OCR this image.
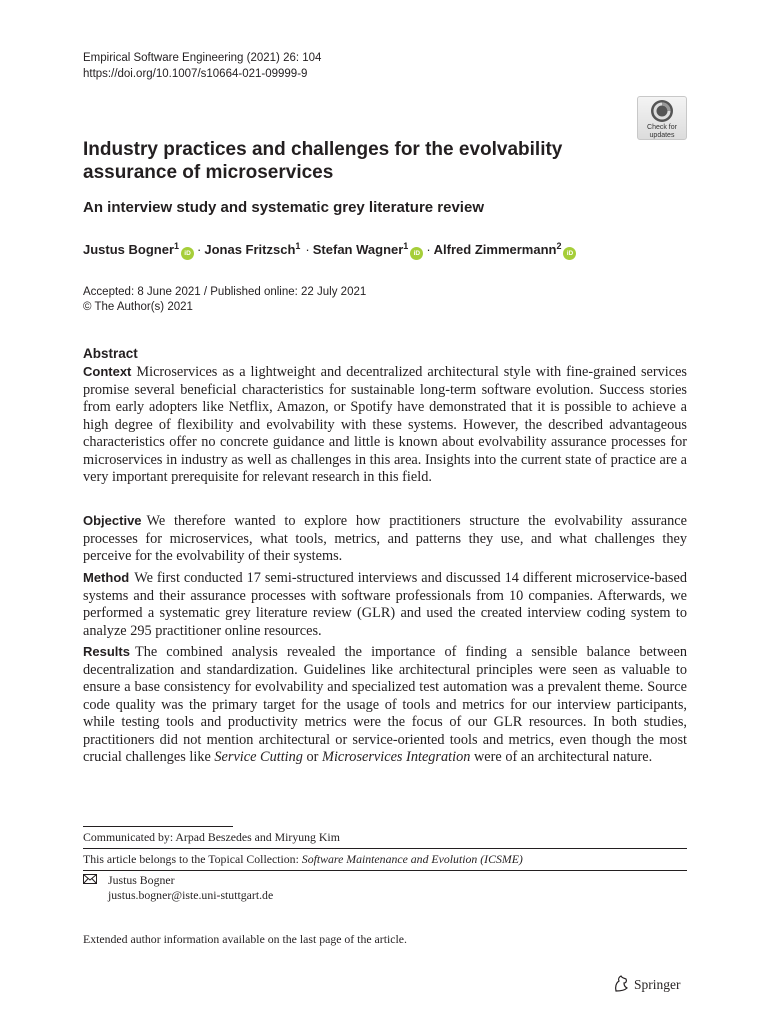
Empirical Software Engineering (2021) 26: 104
https://doi.org/10.1007/s10664-021-09999-9
Check for
updates
Industry practices and challenges for the evolvability assurance of microservices
An interview study and systematic grey literature review
Justus Bogner$^1$iD · Jonas Fritzsch$^1$ · Stefan Wagner$^1$iD · Alfred Zimmermann$^2$iD
Accepted: 8 June 2021 / Published online: 22 July 2021
© The Author(s) 2021
Abstract

Context Microservices as a lightweight and decentralized architectural style with fine-grained services promise several beneficial characteristics for sustainable long-term software evolution. Success stories from early adopters like Netflix, Amazon, or Spotify have demonstrated that it is possible to achieve a high degree of flexibility and evolvability with these systems. However, the described advantageous characteristics offer no concrete guidance and little is known about evolvability assurance processes for microservices in industry as well as challenges in this area. Insights into the current state of practice are a very important prerequisite for relevant research in this field.

Objective We therefore wanted to explore how practitioners structure the evolvability assurance processes for microservices, what tools, metrics, and patterns they use, and what challenges they perceive for the evolvability of their systems.

Method We first conducted 17 semi-structured interviews and discussed 14 different microservice-based systems and their assurance processes with software professionals from 10 companies. Afterwards, we performed a systematic grey literature review (GLR) and used the created interview coding system to analyze 295 practitioner online resources.

Results The combined analysis revealed the importance of finding a sensible balance between decentralization and standardization. Guidelines like architectural principles were seen as valuable to ensure a base consistency for evolvability and specialized test automation was a prevalent theme. Source code quality was the primary target for the usage of tools and metrics for our interview participants, while testing tools and productivity metrics were the focus of our GLR resources. In both studies, practitioners did not mention architectural or service-oriented tools and metrics, even though the most crucial challenges like Service Cutting or Microservices Integration were of an architectural nature.

Communicated by: Arpad Beszedes and Miryung Kim
This article belongs to the Topical Collection: Software Maintenance and Evolution (ICSME)
Justus Bogner
justus.bogner@iste.uni-stuttgart.de
Extended author information available on the last page of the article.
Springer
